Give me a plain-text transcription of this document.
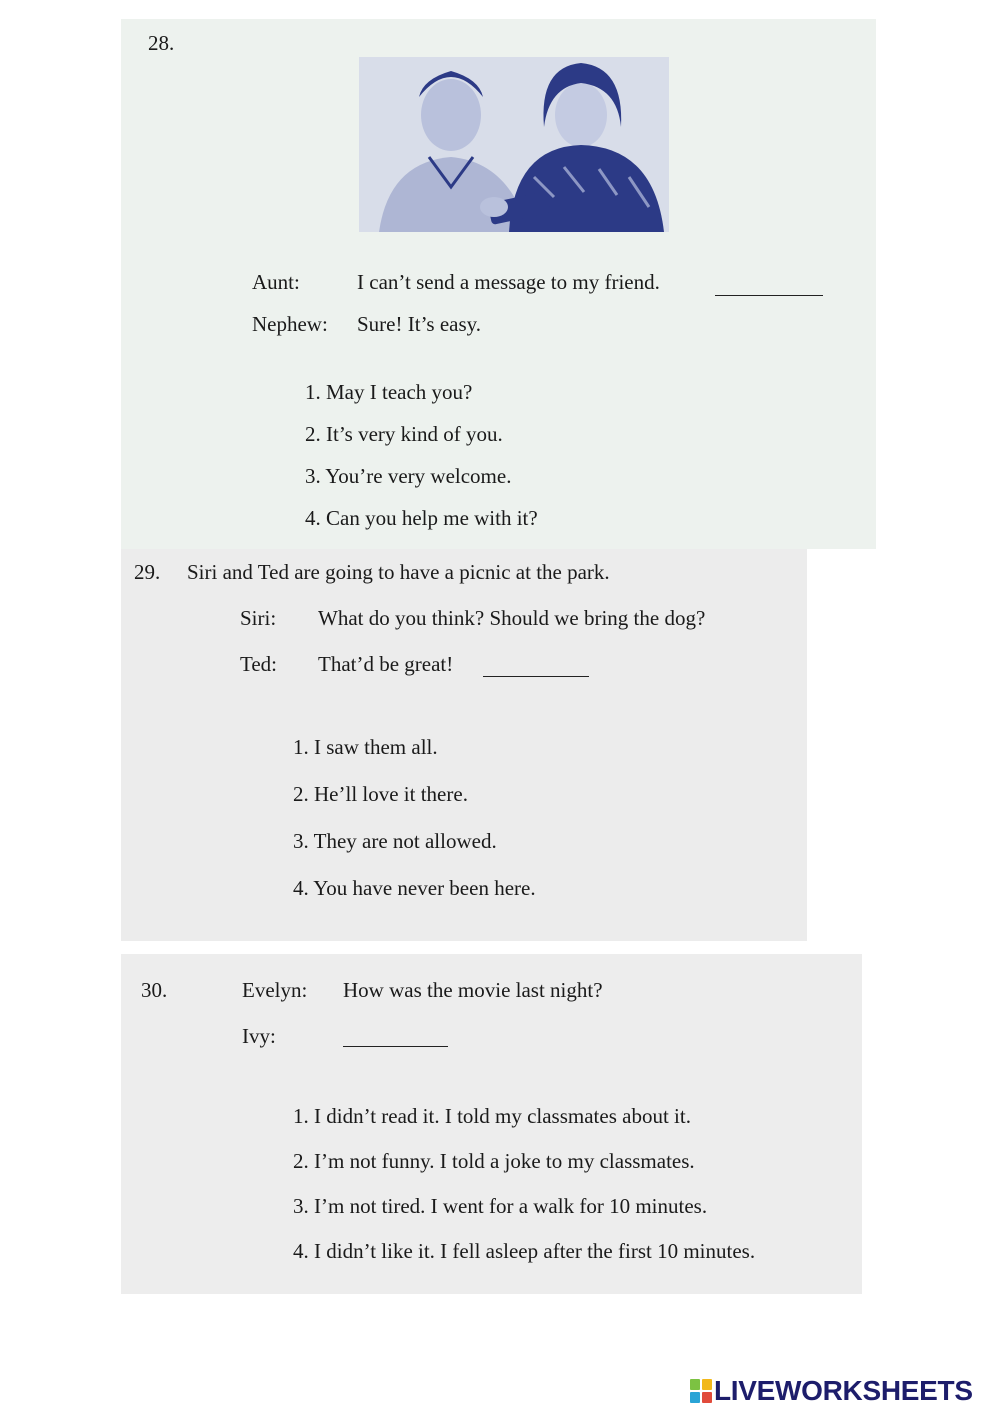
28.
Aunt:	I can’t send a message to my friend.
Nephew: Sure! It’s easy.
1. May I teach you?
2. It’s very kind of you.
3. You’re very welcome.
4. Can you help me with it?
29. Siri and Ted are going to have a picnic at the park.
Siri: What do you think? Should we bring the dog?
Ted: That’d be great!
1. I saw them all.
2. He’ll love it there.
3. They are not allowed.
4. You have never been here.
30.	Evelyn: How was the movie last night?
Ivy:
1. I didn’t read it. I told my classmates about it.
2. I’m not funny. I told a joke to my classmates.
3. I’m not tired. I went for a walk for 10 minutes.
4. I didn’t like it. I fell asleep after the first 10 minutes.
LIVEWORKSHEETS
